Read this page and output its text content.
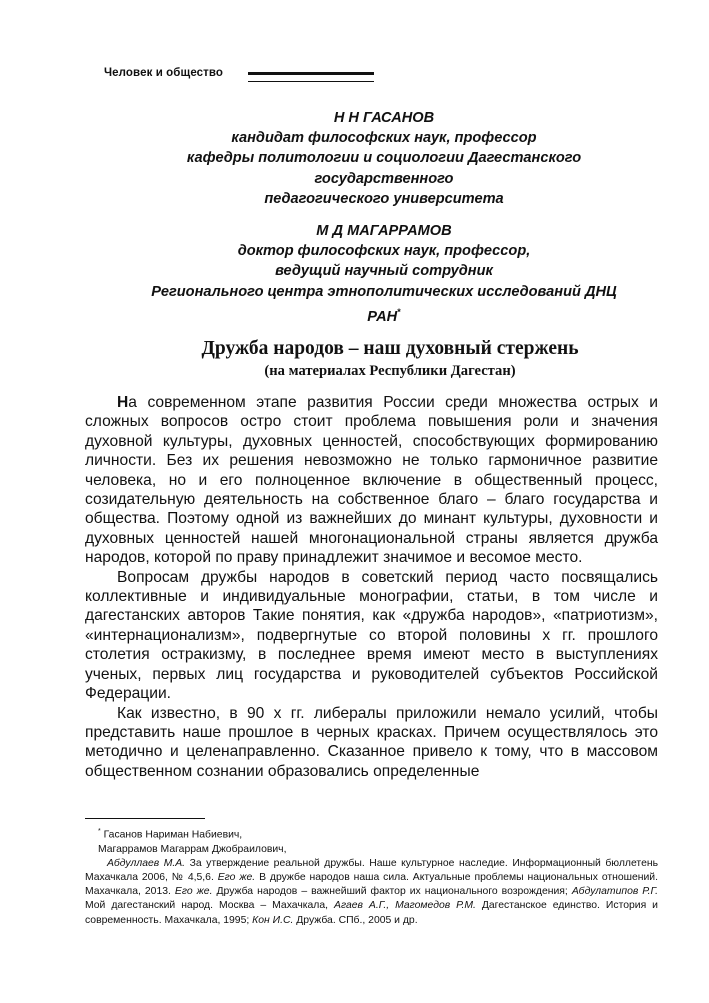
Человек и общество
Н Н ГАСАНОВ
кандидат философских наук, профессор
кафедры политологии и социологии Дагестанского
государственного
педагогического университета
М Д МАГАРРАМОВ
доктор философских наук, профессор,
ведущий научный сотрудник
Регионального центра этнополитических исследований ДНЦ
РАН*
Дружба народов – наш духовный стержень
(на материалах Республики Дагестан)

На современном этапе развития России среди множества острых и сложных вопросов остро стоит проблема повышения роли и значения духовной культуры, духовных ценностей, способствующих формированию личности. Без их решения невозможно не только гармоничное развитие человека, но и его полноценное включение в общественный процесс, созидательную деятельность на собственное благо – благо государства и общества. Поэтому одной из важнейших до минант культуры, духовности и духовных ценностей нашей многонациональной страны является дружба народов, которой по праву принадлежит значимое и весомое место.

Вопросам дружбы народов в советский период часто посвящались коллективные и индивидуальные монографии, статьи, в том числе и дагестанских авторов Такие понятия, как «дружба народов», «патриотизм», «интернационализм», подвергнутые со второй половины х гг. прошлого столетия остракизму, в последнее время имеют место в выступлениях ученых, первых лиц государства и руководителей субъектов Российской Федерации.

Как известно, в 90 х гг. либералы приложили немало усилий, чтобы представить наше прошлое в черных красках. Причем осуществлялось это методично и целенаправленно. Сказанное привело к тому, что в массовом общественном сознании образовались определенные

* Гасанов Нариман Набиевич,

Магаррамов Магаррам Джобраилович,

Абдуллаев М.А. За утверждение реальной дружбы. Наше культурное наследие. Информационный бюллетень Махачкала 2006, № 4,5,6. Его же. В дружбе народов наша сила. Актуальные проблемы национальных отношений. Махачкала, 2013. Его же. Дружба народов – важнейший фактор их национального возрождения; Абдулатипов Р.Г. Мой дагестанский народ. Москва – Махачкала, Агаев А.Г., Магомедов Р.М. Дагестанское единство. История и современность. Махачкала, 1995; Кон И.С. Дружба. СПб., 2005 и др.
